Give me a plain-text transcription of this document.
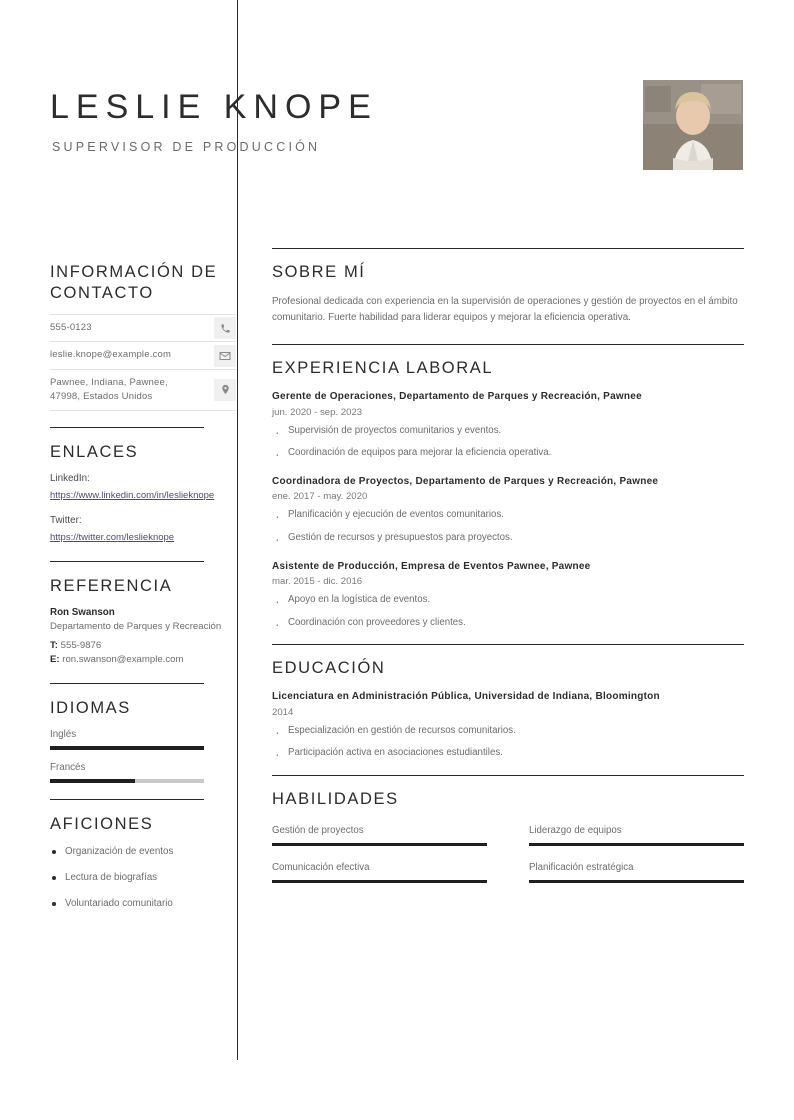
LESLIE KNOPE
SUPERVISOR DE PRODUCCIÓN
INFORMACIÓN DE CONTACTO
555-0123
leslie.knope@example.com
Pawnee, Indiana, Pawnee, 47998, Estados Unidos
ENLACES
LinkedIn:
https://www.linkedin.com/in/leslieknope
Twitter:
https://twitter.com/leslieknope
REFERENCIA
Ron Swanson
Departamento de Parques y Recreación
T: 555-9876
E: ron.swanson@example.com
IDIOMAS
Inglés
Francés
AFICIONES
Organización de eventos
Lectura de biografías
Voluntariado comunitario
SOBRE MÍ
Profesional dedicada con experiencia en la supervisión de operaciones y gestión de proyectos en el ámbito comunitario. Fuerte habilidad para liderar equipos y mejorar la eficiencia operativa.
EXPERIENCIA LABORAL
Gerente de Operaciones, Departamento de Parques y Recreación, Pawnee
jun. 2020 - sep. 2023
· Supervisión de proyectos comunitarios y eventos.
· Coordinación de equipos para mejorar la eficiencia operativa.
Coordinadora de Proyectos, Departamento de Parques y Recreación, Pawnee
ene. 2017 - may. 2020
· Planificación y ejecución de eventos comunitarios.
· Gestión de recursos y presupuestos para proyectos.
Asistente de Producción, Empresa de Eventos Pawnee, Pawnee
mar. 2015 - dic. 2016
· Apoyo en la logística de eventos.
· Coordinación con proveedores y clientes.
EDUCACIÓN
Licenciatura en Administración Pública, Universidad de Indiana, Bloomington
2014
· Especialización en gestión de recursos comunitarios.
· Participación activa en asociaciones estudiantiles.
HABILIDADES
Gestión de proyectos	Liderazgo de equipos
Comunicación efectiva	Planificación estratégica
